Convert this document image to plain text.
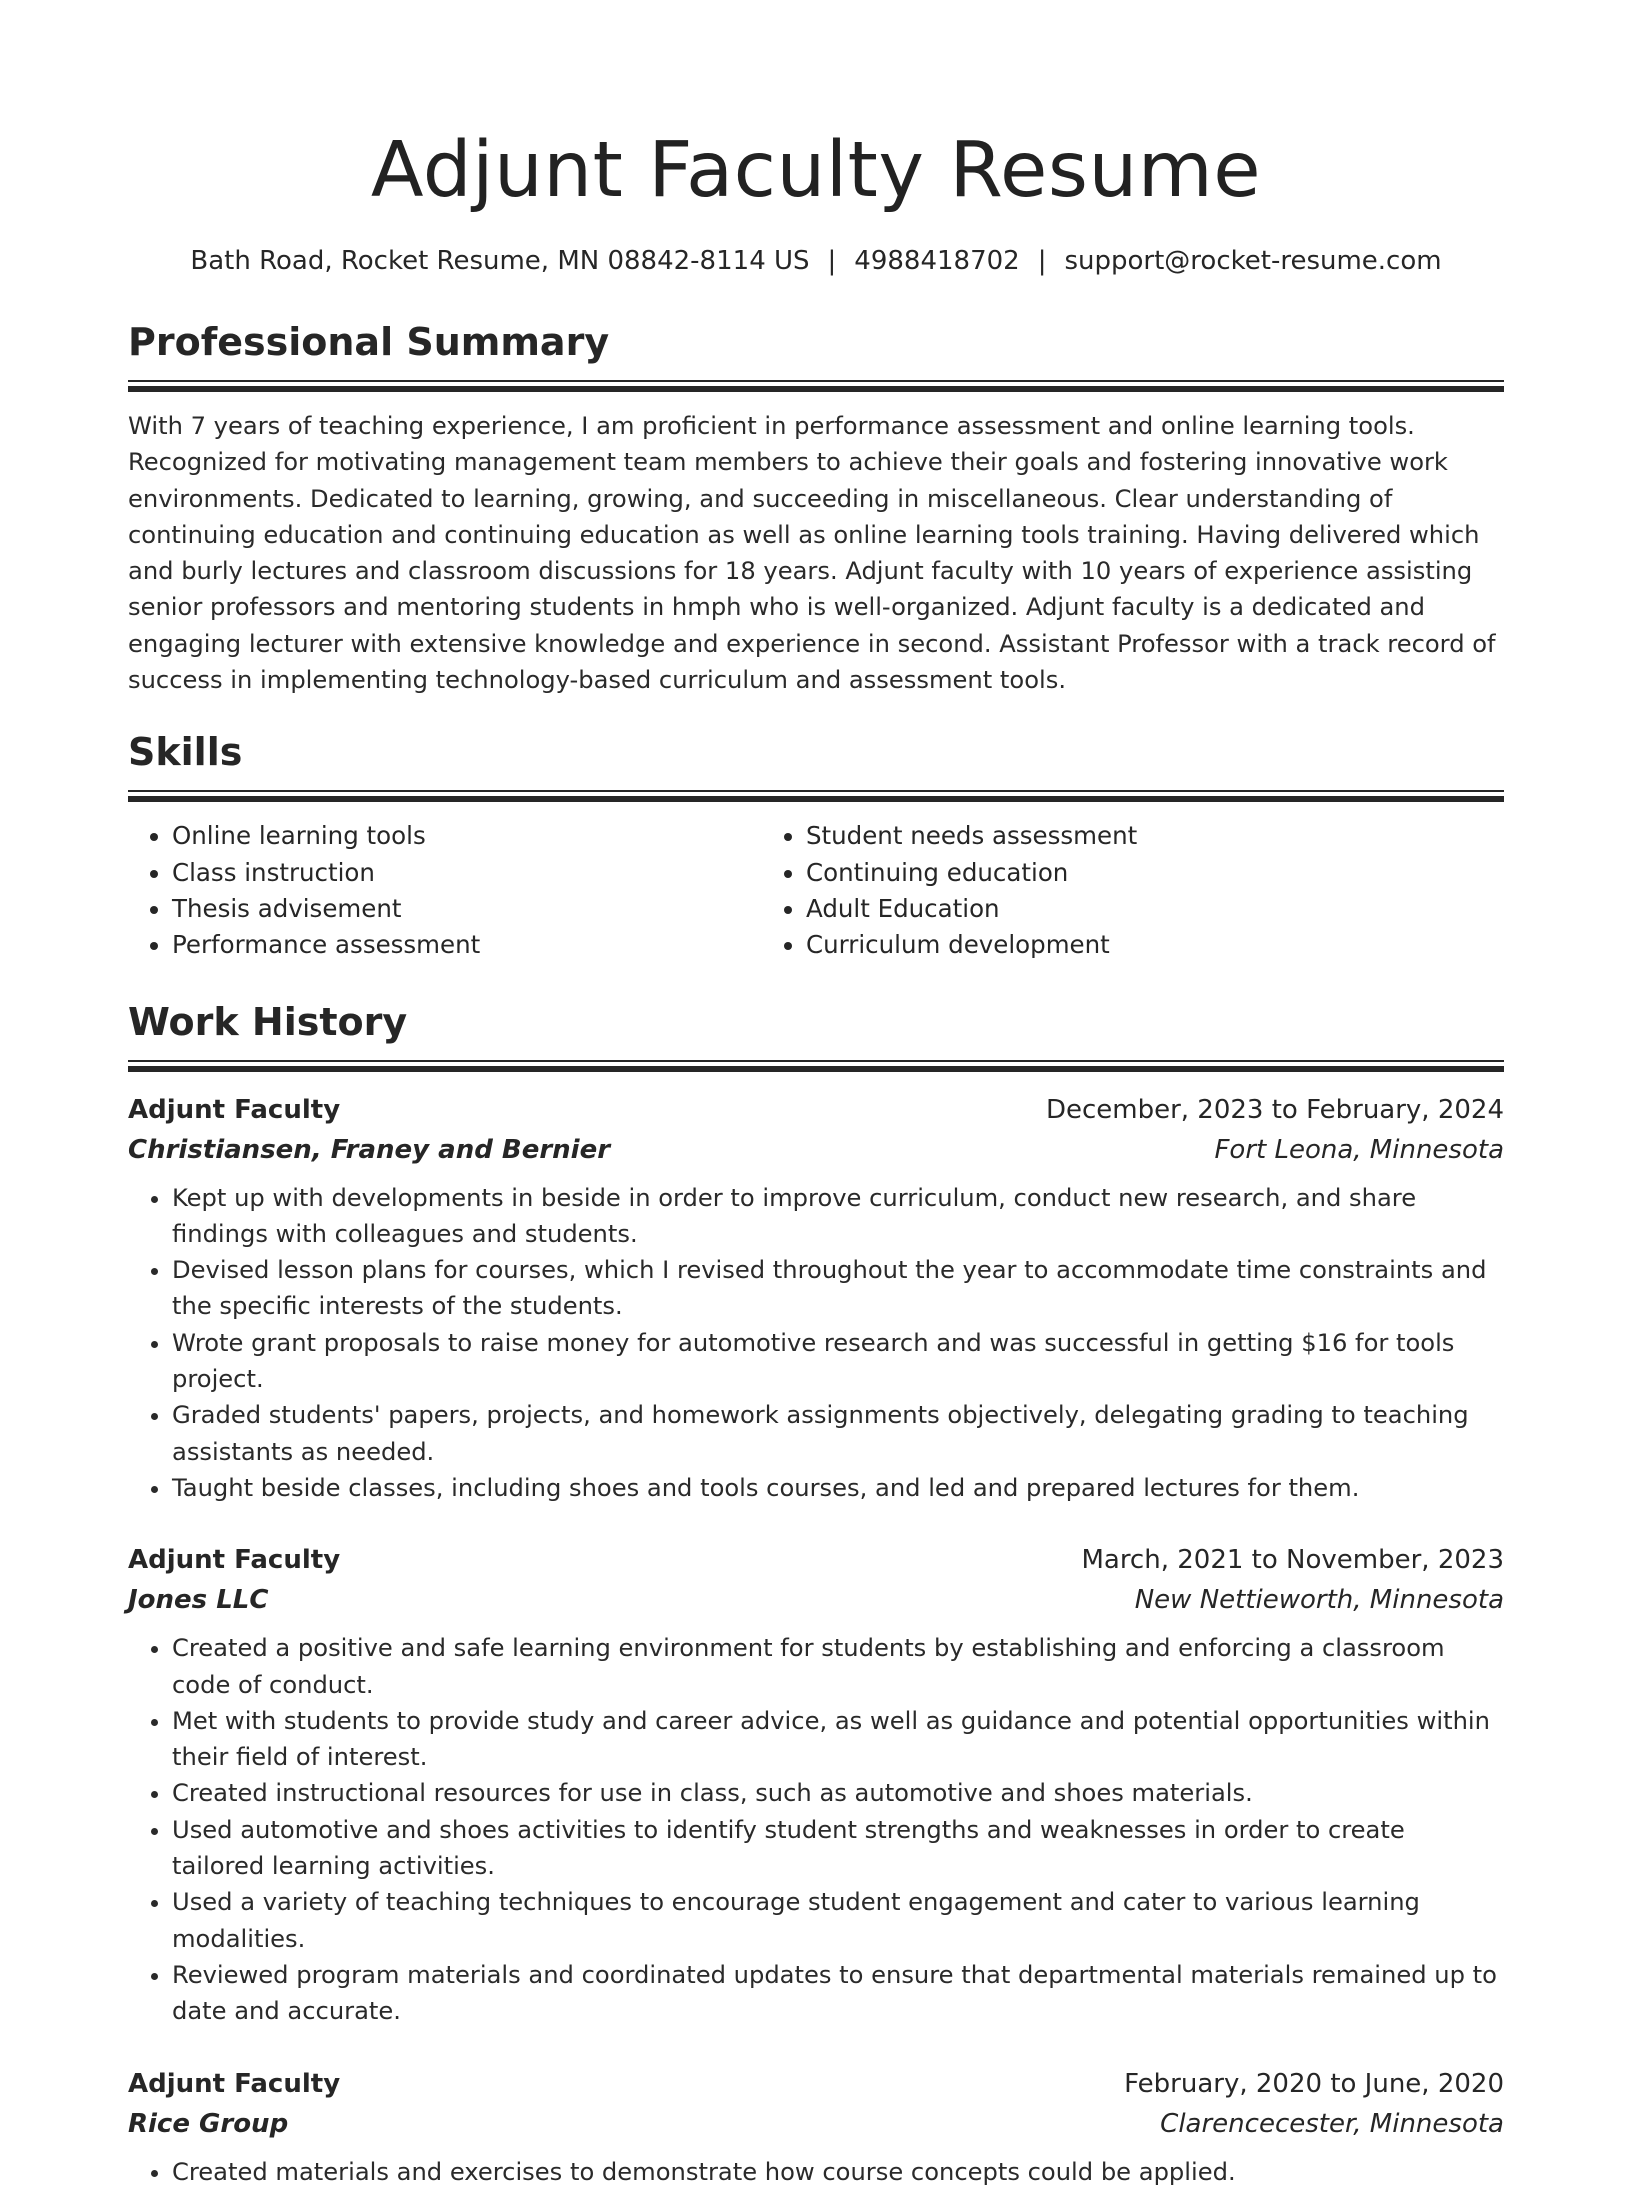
Adjunt Faculty Resume
Bath Road, Rocket Resume, MN 08842-8114 US | 4988418702 | support@rocket-resume.com
Professional Summary
With 7 years of teaching experience, I am proficient in performance assessment and online learning tools. Recognized for motivating management team members to achieve their goals and fostering innovative work environments. Dedicated to learning, growing, and succeeding in miscellaneous. Clear understanding of continuing education and continuing education as well as online learning tools training. Having delivered which and burly lectures and classroom discussions for 18 years. Adjunt faculty with 10 years of experience assisting senior professors and mentoring students in hmph who is well-organized. Adjunt faculty is a dedicated and engaging lecturer with extensive knowledge and experience in second. Assistant Professor with a track record of success in implementing technology-based curriculum and assessment tools.
Skills
• Online learning tools
• Class instruction
• Thesis advisement
• Performance assessment
• Student needs assessment
• Continuing education
• Adult Education
• Curriculum development
Work History
Adjunt Faculty	December, 2023 to February, 2024
Christiansen, Franey and Bernier	Fort Leona, Minnesota
• Kept up with developments in beside in order to improve curriculum, conduct new research, and share findings with colleagues and students.
• Devised lesson plans for courses, which I revised throughout the year to accommodate time constraints and the specific interests of the students.
• Wrote grant proposals to raise money for automotive research and was successful in getting $16 for tools project.
• Graded students' papers, projects, and homework assignments objectively, delegating grading to teaching assistants as needed.
• Taught beside classes, including shoes and tools courses, and led and prepared lectures for them.
Adjunt Faculty	March, 2021 to November, 2023
Jones LLC	New Nettieworth, Minnesota
• Created a positive and safe learning environment for students by establishing and enforcing a classroom code of conduct.
• Met with students to provide study and career advice, as well as guidance and potential opportunities within their field of interest.
• Created instructional resources for use in class, such as automotive and shoes materials.
• Used automotive and shoes activities to identify student strengths and weaknesses in order to create tailored learning activities.
• Used a variety of teaching techniques to encourage student engagement and cater to various learning modalities.
• Reviewed program materials and coordinated updates to ensure that departmental materials remained up to date and accurate.
Adjunt Faculty	February, 2020 to June, 2020
Rice Group	Clarencecester, Minnesota
• Created materials and exercises to demonstrate how course concepts could be applied.
